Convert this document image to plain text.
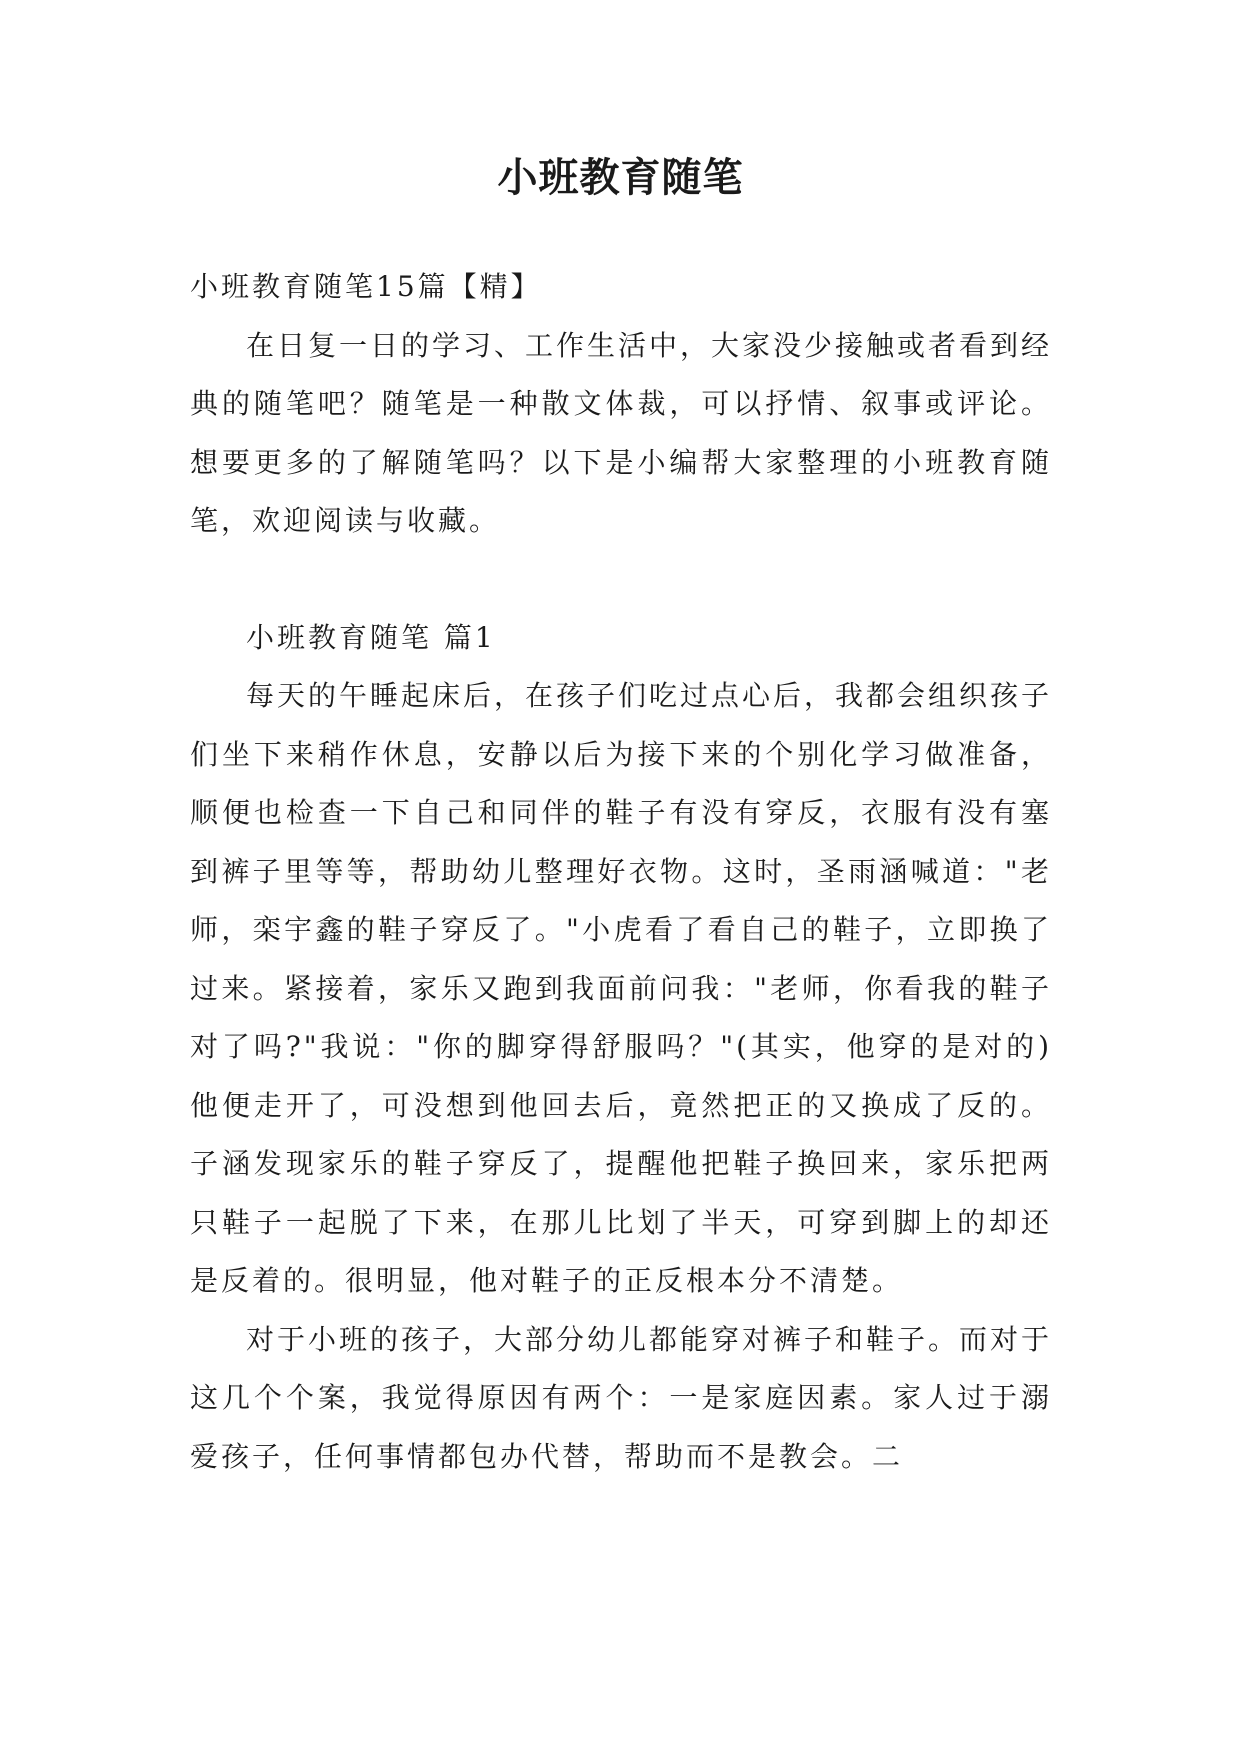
小班教育随笔

小班教育随笔15篇【精】

在日复一日的学习、工作生活中，大家没少接触或者看到经典的随笔吧？随笔是一种散文体裁，可以抒情、叙事或评论。想要更多的了解随笔吗？以下是小编帮大家整理的小班教育随笔，欢迎阅读与收藏。

小班教育随笔 篇1

每天的午睡起床后，在孩子们吃过点心后，我都会组织孩子们坐下来稍作休息，安静以后为接下来的个别化学习做准备，顺便也检查一下自己和同伴的鞋子有没有穿反，衣服有没有塞到裤子里等等，帮助幼儿整理好衣物。这时，圣雨涵喊道："老师，栾宇鑫的鞋子穿反了。"小虎看了看自己的鞋子，立即换了过来。紧接着，家乐又跑到我面前问我："老师，你看我的鞋子对了吗?"我说："你的脚穿得舒服吗？"(其实，他穿的是对的)他便走开了，可没想到他回去后，竟然把正的又换成了反的。子涵发现家乐的鞋子穿反了，提醒他把鞋子换回来，家乐把两只鞋子一起脱了下来，在那儿比划了半天，可穿到脚上的却还是反着的。很明显，他对鞋子的正反根本分不清楚。

对于小班的孩子，大部分幼儿都能穿对裤子和鞋子。而对于这几个个案，我觉得原因有两个：一是家庭因素。家人过于溺爱孩子，任何事情都包办代替，帮助而不是教会。二
